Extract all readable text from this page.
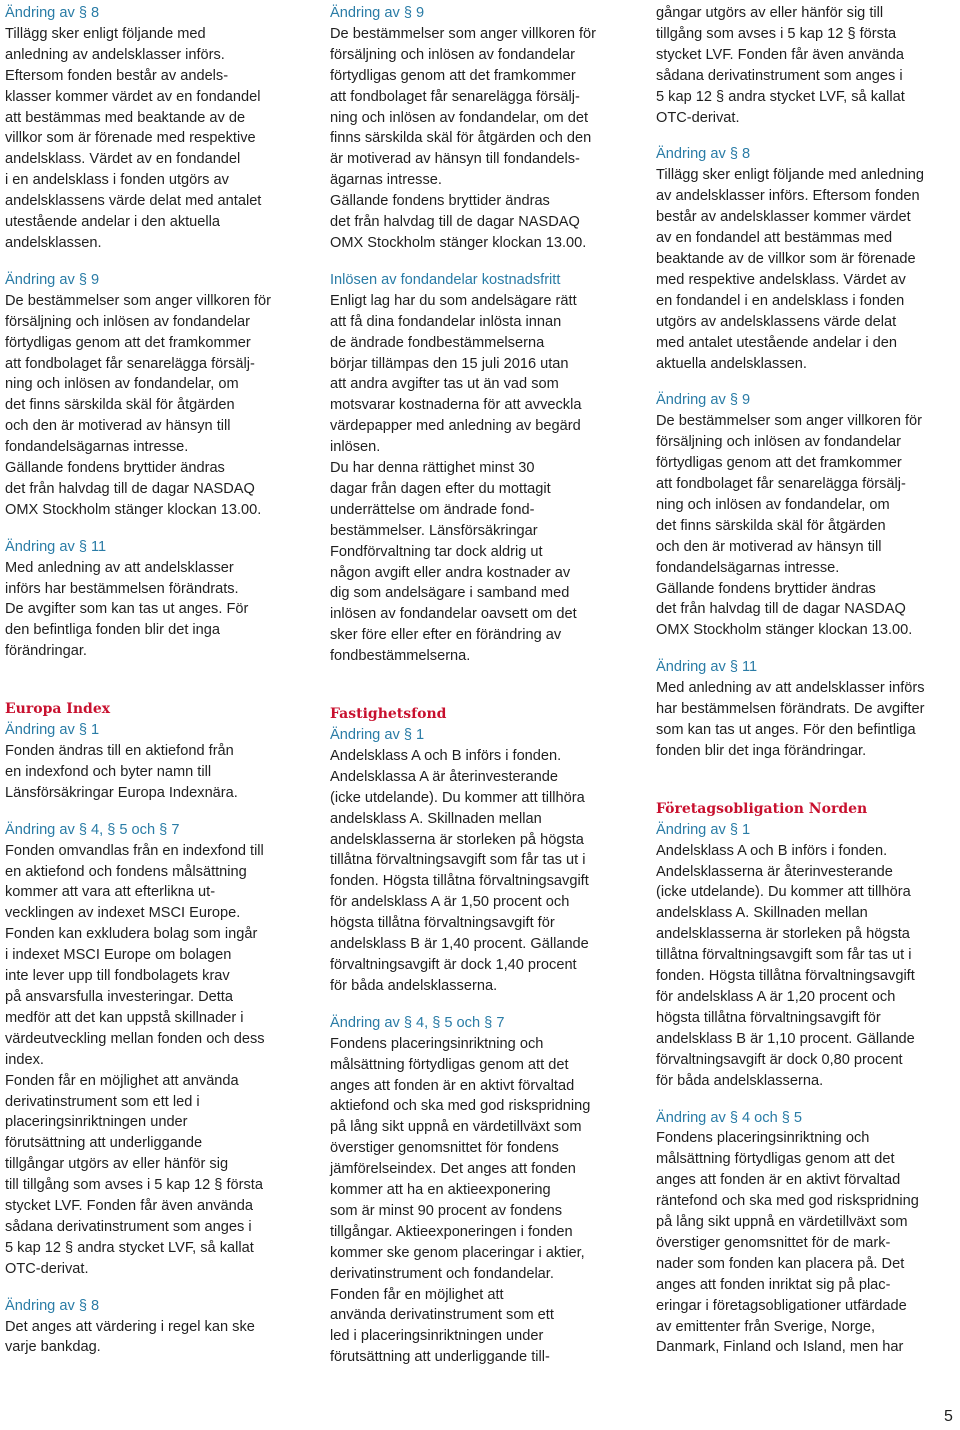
Ändring av § 8
Tillägg sker enligt följande med
anledning av andelsklasser införs.
Eftersom fonden består av andels-
klasser kommer värdet av en fondandel
att bestämmas med beaktande av de
villkor som är förenade med respektive
andelsklass. Värdet av en fondandel
i en andelsklass i fonden utgörs av
andelsklassens värde delat med antalet
utestående andelar i den aktuella
andelsklassen.
Ändring av § 9
De bestämmelser som anger villkoren för
försäljning och inlösen av fondandelar
förtydligas genom att det framkommer
att fondbolaget får senarelägga försälj-
ning och inlösen av fondandelar, om
det finns särskilda skäl för åtgärden
och den är motiverad av hänsyn till
fondandelsägarnas intresse.
Gällande fondens bryttider ändras
det från halvdag till de dagar NASDAQ
OMX Stockholm stänger klockan 13.00.
Ändring av § 11
Med anledning av att andelsklasser
införs har bestämmelsen förändrats.
De avgifter som kan tas ut anges. För
den befintliga fonden blir det inga
förändringar.
Europa Index
Ändring av § 1
Fonden ändras till en aktiefond från
en indexfond och byter namn till
Länsförsäkringar Europa Indexnära.
Ändring av § 4, § 5 och § 7
Fonden omvandlas från en indexfond till
en aktiefond och fondens målsättning
kommer att vara att efterlikna ut-
vecklingen av indexet MSCI Europe.
Fonden kan exkludera bolag som ingår
i indexet MSCI Europe om bolagen
inte lever upp till fondbolagets krav
på ansvarsfulla investeringar. Detta
medför att det kan uppstå skillnader i
värdeutveckling mellan fonden och dess
index.
Fonden får en möjlighet att använda
derivatinstrument som ett led i
placeringsinriktningen under
förutsättning att underliggande
tillgångar utgörs av eller hänför sig
till tillgång som avses i 5 kap 12 § första
stycket LVF. Fonden får även använda
sådana derivatinstrument som anges i
5 kap 12 § andra stycket LVF, så kallat
OTC-derivat.
Ändring av § 8
Det anges att värdering i regel kan ske
varje bankdag.
Ändring av § 9
De bestämmelser som anger villkoren för
försäljning och inlösen av fondandelar
förtydligas genom att det framkommer
att fondbolaget får senarelägga försälj-
ning och inlösen av fondandelar, om det
finns särskilda skäl för åtgärden och den
är motiverad av hänsyn till fondandels-
ägarnas intresse.
Gällande fondens bryttider ändras
det från halvdag till de dagar NASDAQ
OMX Stockholm stänger klockan 13.00.
Inlösen av fondandelar kostnadsfritt
Enligt lag har du som andelsägare rätt
att få dina fondandelar inlösta innan
de ändrade fondbestämmelserna
börjar tillämpas den 15 juli 2016 utan
att andra avgifter tas ut än vad som
motsvarar kostnaderna för att avveckla
värdepapper med anledning av begärd
inlösen.
Du har denna rättighet minst 30
dagar från dagen efter du mottagit
underrättelse om ändrade fond-
bestämmelser. Länsförsäkringar
Fondförvaltning tar dock aldrig ut
någon avgift eller andra kostnader av
dig som andelsägare i samband med
inlösen av fondandelar oavsett om det
sker före eller efter en förändring av
fondbestämmelserna.
Fastighetsfond
Ändring av § 1
Andelsklass A och B införs i fonden.
Andelsklassa A är återinvesterande
(icke utdelande). Du kommer att tillhöra
andelsklass A. Skillnaden mellan
andelsklasserna är storleken på högsta
tillåtna förvaltningsavgift som får tas ut i
fonden. Högsta tillåtna förvaltningsavgift
för andelsklass A är 1,50 procent och
högsta tillåtna förvaltningsavgift för
andelsklass B är 1,40 procent. Gällande
förvaltningsavgift är dock 1,40 procent
för båda andelsklasserna.
Ändring av § 4, § 5 och § 7
Fondens placeringsinriktning och
målsättning förtydligas genom att det
anges att fonden är en aktivt förvaltad
aktiefond och ska med god riskspridning
på lång sikt uppnå en värdetillväxt som
överstiger genomsnittet för fondens
jämförelseindex. Det anges att fonden
kommer att ha en aktieexponering
som är minst 90 procent av fondens
tillgångar. Aktieexponeringen i fonden
kommer ske genom placeringar i aktier,
derivatinstrument och fondandelar.
Fonden får en möjlighet att
använda derivatinstrument som ett
led i placeringsinriktningen under
förutsättning att underliggande till-
gångar utgörs av eller hänför sig till
tillgång som avses i 5 kap 12 § första
stycket LVF. Fonden får även använda
sådana derivatinstrument som anges i
5 kap 12 § andra stycket LVF, så kallat
OTC-derivat.
Ändring av § 8
Tillägg sker enligt följande med anledning
av andelsklasser införs. Eftersom fonden
består av andelsklasser kommer värdet
av en fondandel att bestämmas med
beaktande av de villkor som är förenade
med respektive andelsklass. Värdet av
en fondandel i en andelsklass i fonden
utgörs av andelsklassens värde delat
med antalet utestående andelar i den
aktuella andelsklassen.
Ändring av § 9
De bestämmelser som anger villkoren för
försäljning och inlösen av fondandelar
förtydligas genom att det framkommer
att fondbolaget får senarelägga försälj-
ning och inlösen av fondandelar, om
det finns särskilda skäl för åtgärden
och den är motiverad av hänsyn till
fondandelsägarnas intresse.
Gällande fondens bryttider ändras
det från halvdag till de dagar NASDAQ
OMX Stockholm stänger klockan 13.00.
Ändring av § 11
Med anledning av att andelsklasser införs
har bestämmelsen förändrats. De avgifter
som kan tas ut anges. För den befintliga
fonden blir det inga förändringar.
Företagsobligation Norden
Ändring av § 1
Andelsklass A och B införs i fonden.
Andelsklasserna är återinvesterande
(icke utdelande). Du kommer att tillhöra
andelsklass A. Skillnaden mellan
andelsklasserna är storleken på högsta
tillåtna förvaltningsavgift som får tas ut i
fonden. Högsta tillåtna förvaltningsavgift
för andelsklass A är 1,20 procent och
högsta tillåtna förvaltningsavgift för
andelsklass B är 1,10 procent. Gällande
förvaltningsavgift är dock 0,80 procent
för båda andelsklasserna.
Ändring av § 4 och § 5
Fondens placeringsinriktning och
målsättning förtydligas genom att det
anges att fonden är en aktivt förvaltad
räntefond och ska med god riskspridning
på lång sikt uppnå en värdetillväxt som
överstiger genomsnittet för de mark-
nader som fonden kan placera på. Det
anges att fonden inriktat sig på plac-
eringar i företagsobligationer utfärdade
av emittenter från Sverige, Norge,
Danmark, Finland och Island, men har
5
